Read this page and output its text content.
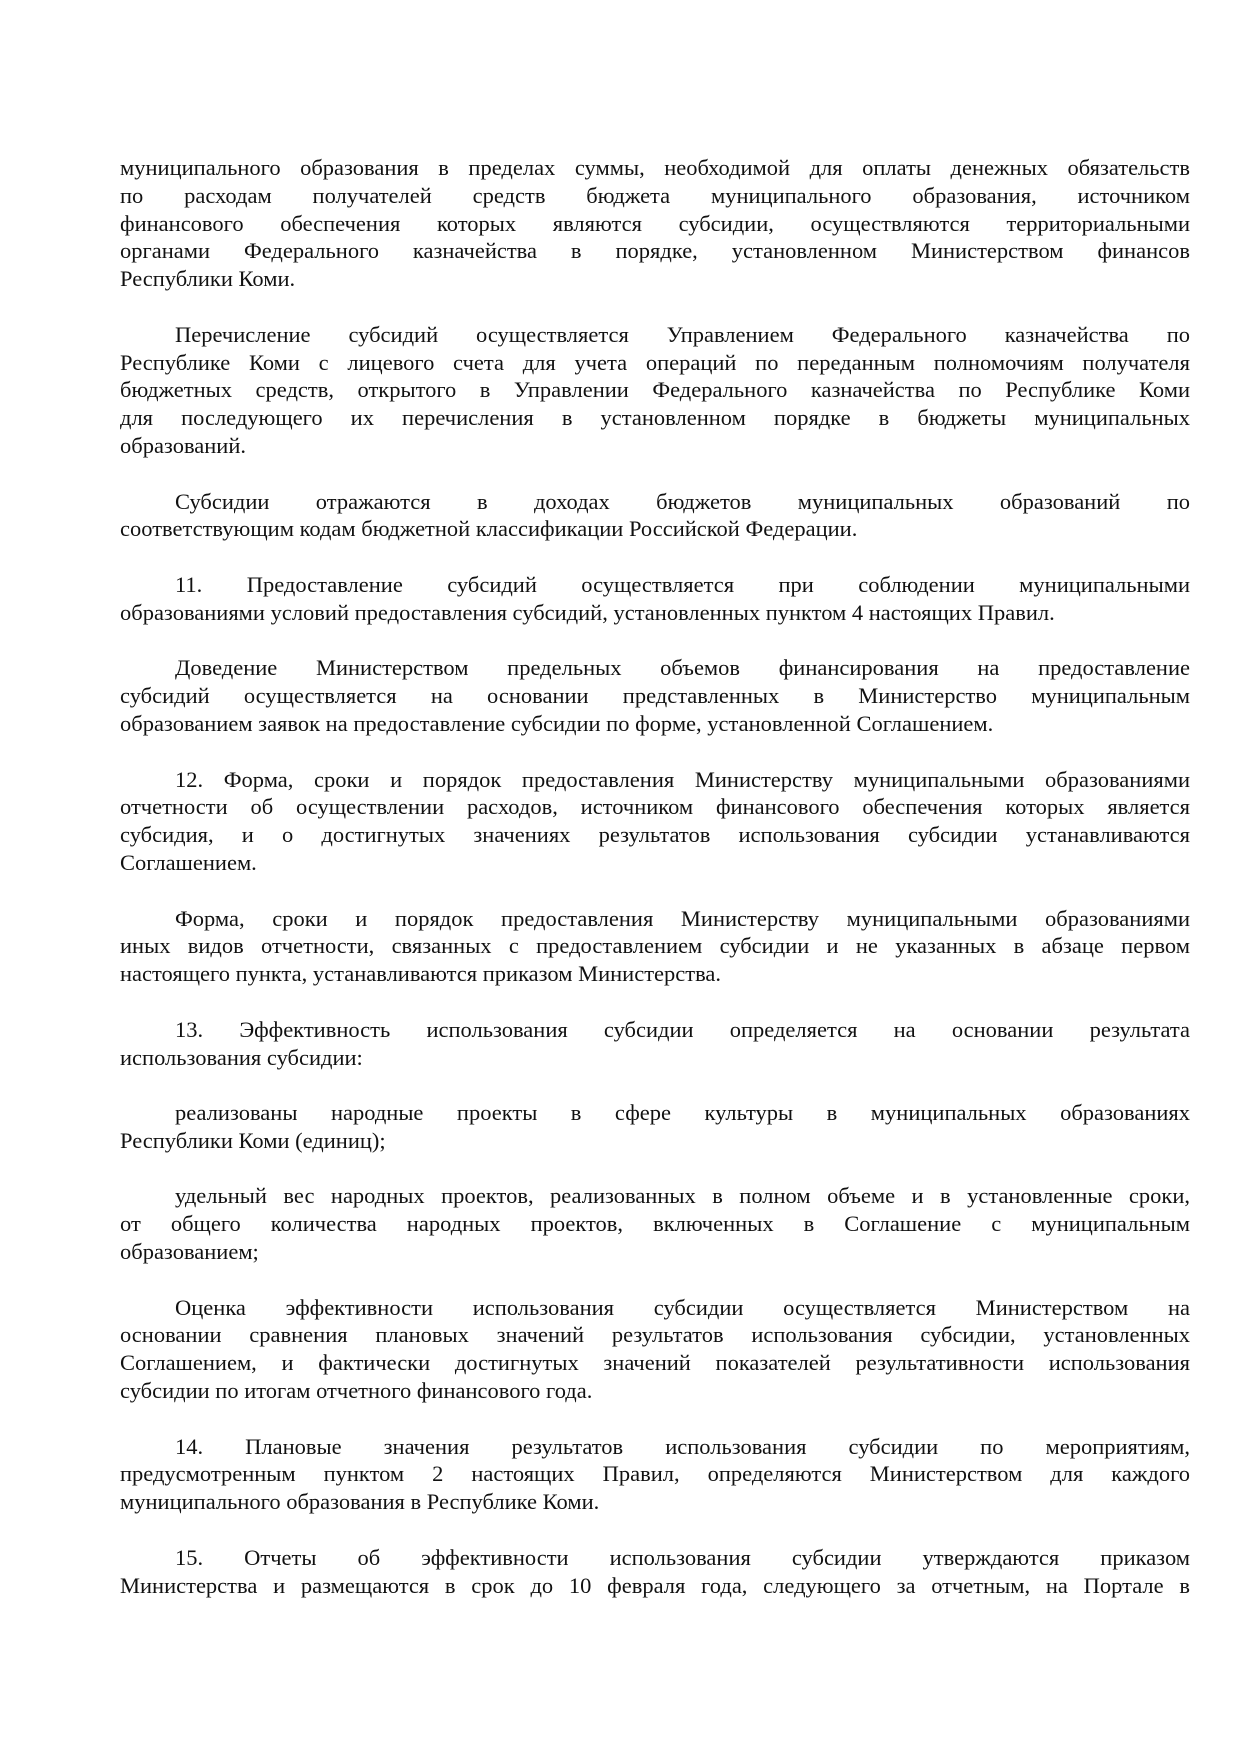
муниципального образования в пределах суммы, необходимой для оплаты денежных обязательств
по расходам получателей средств бюджета муниципального образования, источником
финансового обеспечения которых являются субсидии, осуществляются территориальными
органами Федерального казначейства в порядке, установленном Министерством финансов
Республики Коми.
Перечисление субсидий осуществляется Управлением Федерального казначейства по
Республике Коми с лицевого счета для учета операций по переданным полномочиям получателя
бюджетных средств, открытого в Управлении Федерального казначейства по Республике Коми
для последующего их перечисления в установленном порядке в бюджеты муниципальных
образований.
Субсидии отражаются в доходах бюджетов муниципальных образований по
соответствующим кодам бюджетной классификации Российской Федерации.
11. Предоставление субсидий осуществляется при соблюдении муниципальными
образованиями условий предоставления субсидий, установленных пунктом 4 настоящих Правил.
Доведение Министерством предельных объемов финансирования на предоставление
субсидий осуществляется на основании представленных в Министерство муниципальным
образованием заявок на предоставление субсидии по форме, установленной Соглашением.
12. Форма, сроки и порядок предоставления Министерству муниципальными образованиями
отчетности об осуществлении расходов, источником финансового обеспечения которых является
субсидия, и о достигнутых значениях результатов использования субсидии устанавливаются
Соглашением.
Форма, сроки и порядок предоставления Министерству муниципальными образованиями
иных видов отчетности, связанных с предоставлением субсидии и не указанных в абзаце первом
настоящего пункта, устанавливаются приказом Министерства.
13. Эффективность использования субсидии определяется на основании результата
использования субсидии:
реализованы народные проекты в сфере культуры в муниципальных образованиях
Республики Коми (единиц);
удельный вес народных проектов, реализованных в полном объеме и в установленные сроки,
от общего количества народных проектов, включенных в Соглашение с муниципальным
образованием;
Оценка эффективности использования субсидии осуществляется Министерством на
основании сравнения плановых значений результатов использования субсидии, установленных
Соглашением, и фактически достигнутых значений показателей результативности использования
субсидии по итогам отчетного финансового года.
14. Плановые значения результатов использования субсидии по мероприятиям,
предусмотренным пунктом 2 настоящих Правил, определяются Министерством для каждого
муниципального образования в Республике Коми.
15. Отчеты об эффективности использования субсидии утверждаются приказом
Министерства и размещаются в срок до 10 февраля года, следующего за отчетным, на Портале в
